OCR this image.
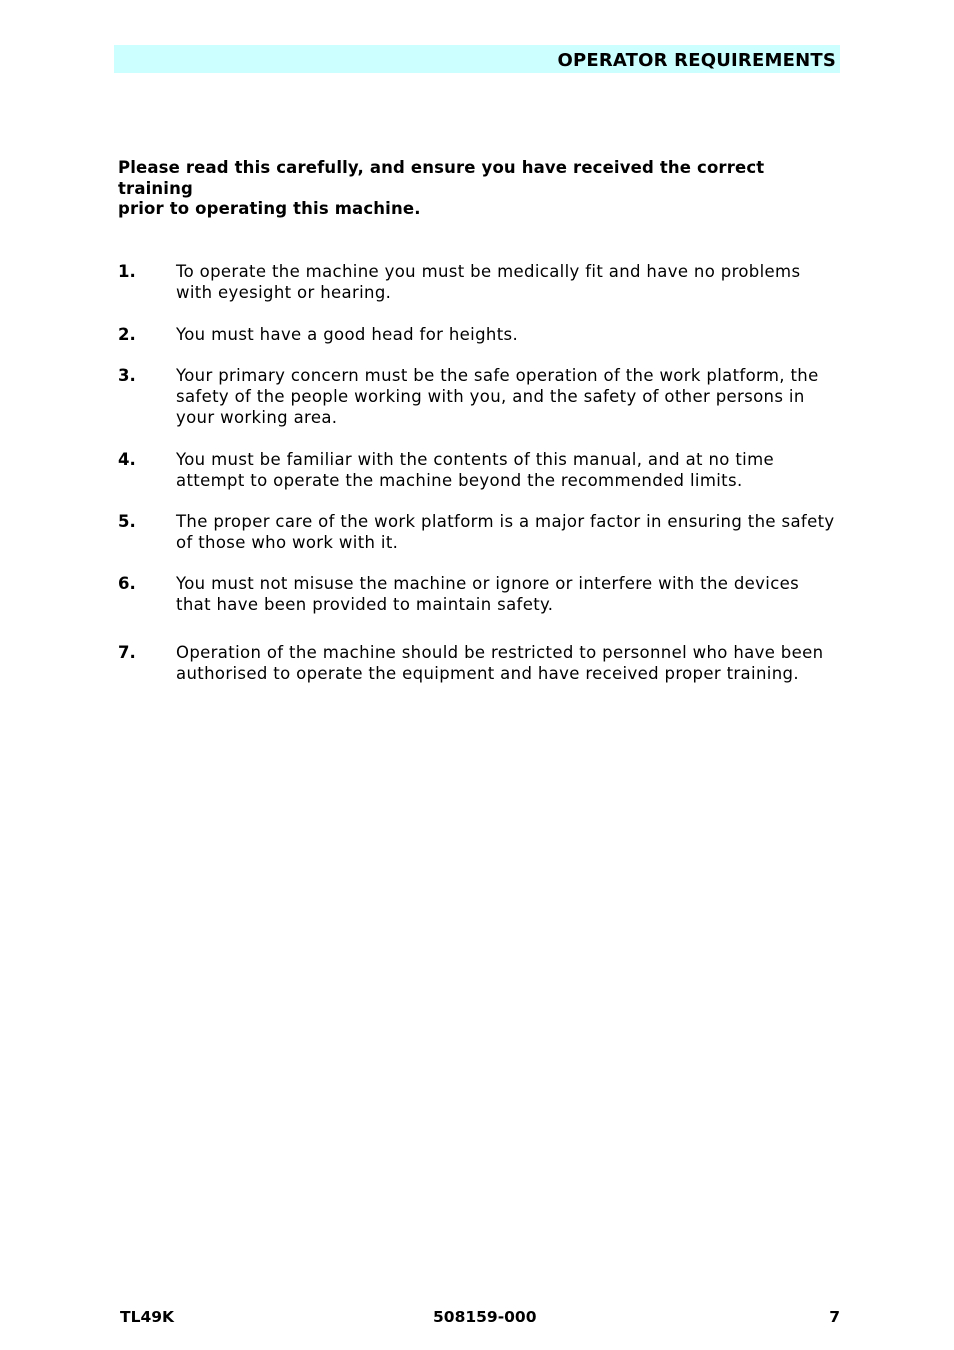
OPERATOR REQUIREMENTS
Please read this carefully, and ensure you have received the correct training
prior to operating this machine.
1. To operate the machine you must be medically fit and have no problems
with eyesight or hearing.
2. You must have a good head for heights.
3. Your primary concern must be the safe operation of the work platform, the
safety of the people working with you, and the safety of other persons in
your working area.
4. You must be familiar with the contents of this manual, and at no time
attempt to operate the machine beyond the recommended limits.
5. The proper care of the work platform is a major factor in ensuring the safety
of those who work with it.
6. You must not misuse the machine or ignore or interfere with the devices
that have been provided to maintain safety.
7. Operation of the machine should be restricted to personnel who have been
authorised to operate the equipment and have received proper training.
TL49K	508159-000	7
